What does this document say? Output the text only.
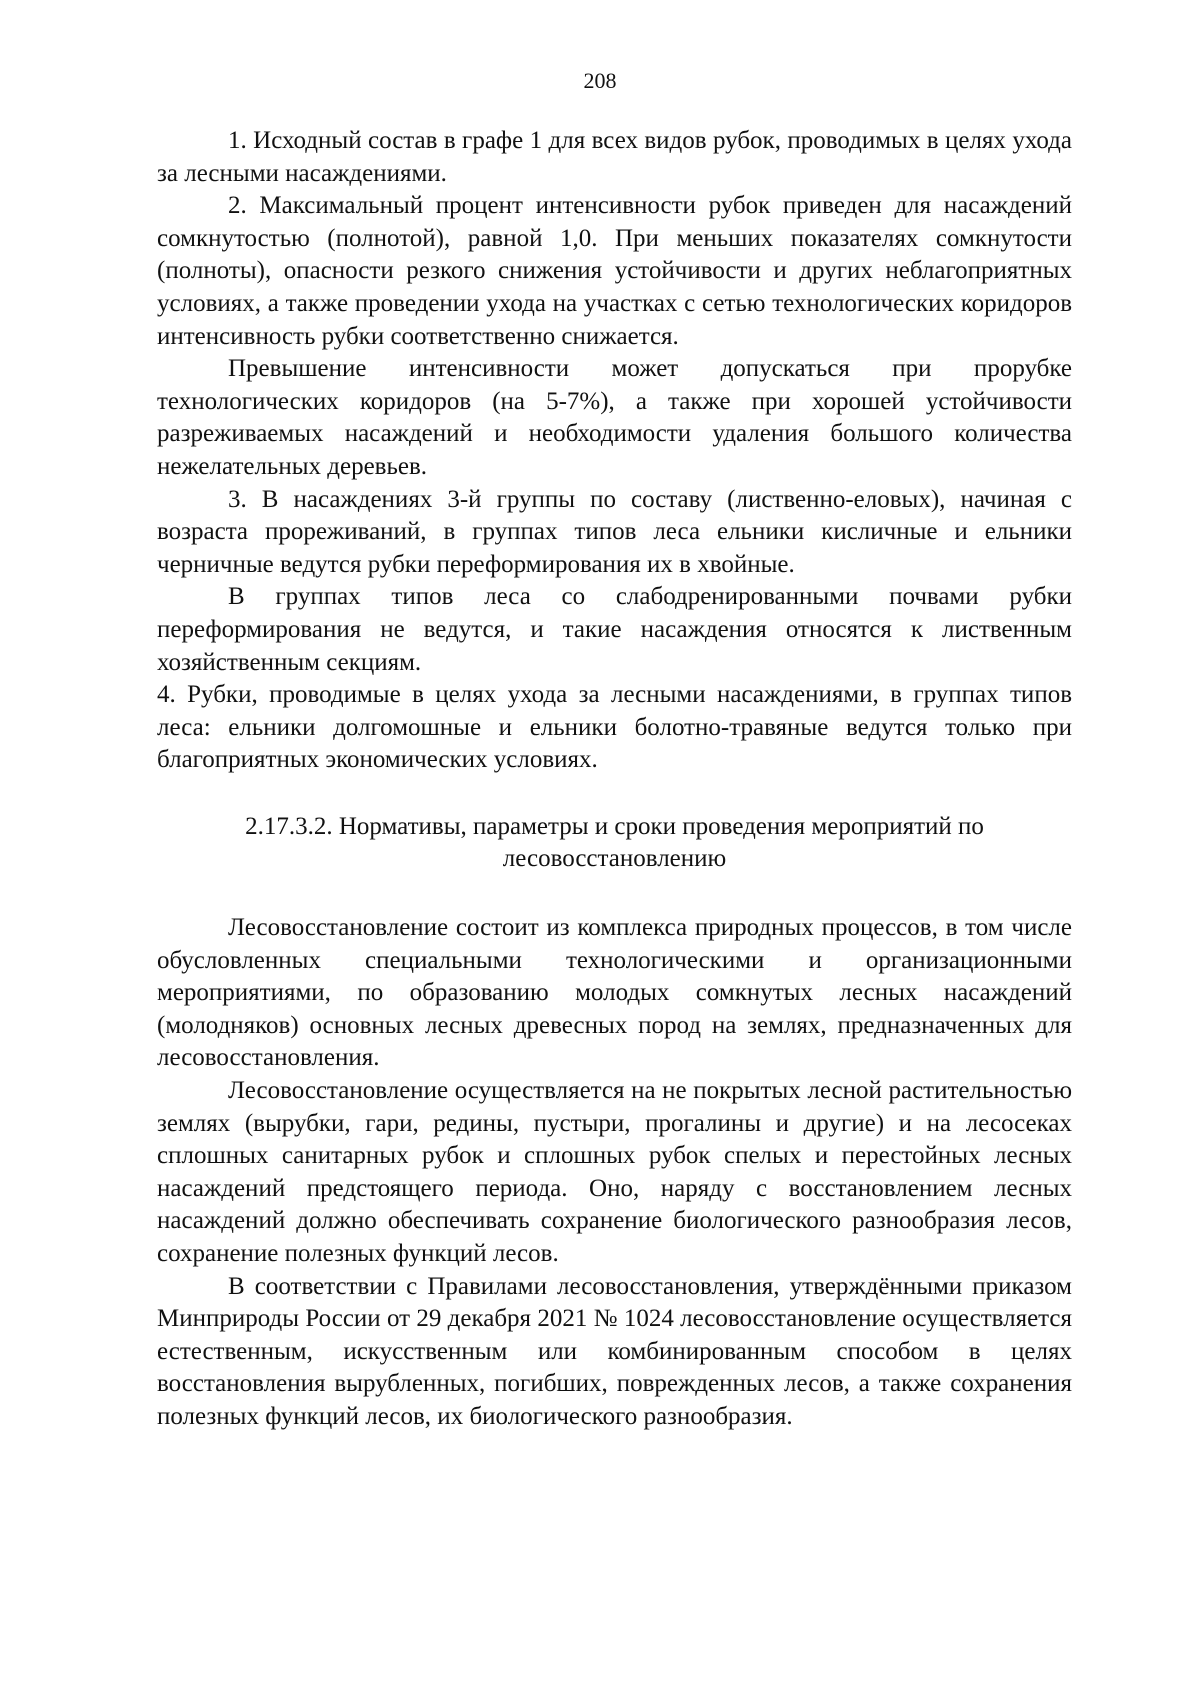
208

1. Исходный состав в графе 1 для всех видов рубок, проводимых в целях ухода за лесными насаждениями.

2. Максимальный процент интенсивности рубок приведен для насаждений сомкнутостью (полнотой), равной 1,0. При меньших показателях сомкнутости (полноты), опасности резкого снижения устойчивости и других неблагоприятных условиях, а также проведении ухода на участках с сетью технологических коридоров интенсивность рубки соответственно снижается.

Превышение интенсивности может допускаться при прорубке технологических коридоров (на 5-7%), а также при хорошей устойчивости разреживаемых насаждений и необходимости удаления большого количества нежелательных деревьев.

3. В насаждениях 3-й группы по составу (лиственно-еловых), начиная с возраста прореживаний, в группах типов леса ельники кисличные и ельники черничные ведутся рубки переформирования их в хвойные.

В группах типов леса со слабодренированными почвами рубки переформирования не ведутся, и такие насаждения относятся к лиственным хозяйственным секциям.

4. Рубки, проводимые в целях ухода за лесными насаждениями, в группах типов леса: ельники долгомошные и ельники болотно-травяные ведутся только при благоприятных экономических условиях.

2.17.3.2. Нормативы, параметры и сроки проведения мероприятий по
лесовосстановлению

Лесовосстановление состоит из комплекса природных процессов, в том числе обусловленных специальными технологическими и организационными мероприятиями, по образованию молодых сомкнутых лесных насаждений (молодняков) основных лесных древесных пород на землях, предназначенных для лесовосстановления.

Лесовосстановление осуществляется на не покрытых лесной растительностью землях (вырубки, гари, редины, пустыри, прогалины и другие) и на лесосеках сплошных санитарных рубок и сплошных рубок спелых и перестойных лесных насаждений предстоящего периода. Оно, наряду с восстановлением лесных насаждений должно обеспечивать сохранение биологического разнообразия лесов, сохранение полезных функций лесов.

В соответствии с Правилами лесовосстановления, утверждёнными приказом Минприроды России от 29 декабря 2021 № 1024 лесовосстановление осуществляется естественным, искусственным или комбинированным способом в целях восстановления вырубленных, погибших, поврежденных лесов, а также сохранения полезных функций лесов, их биологического разнообразия.
